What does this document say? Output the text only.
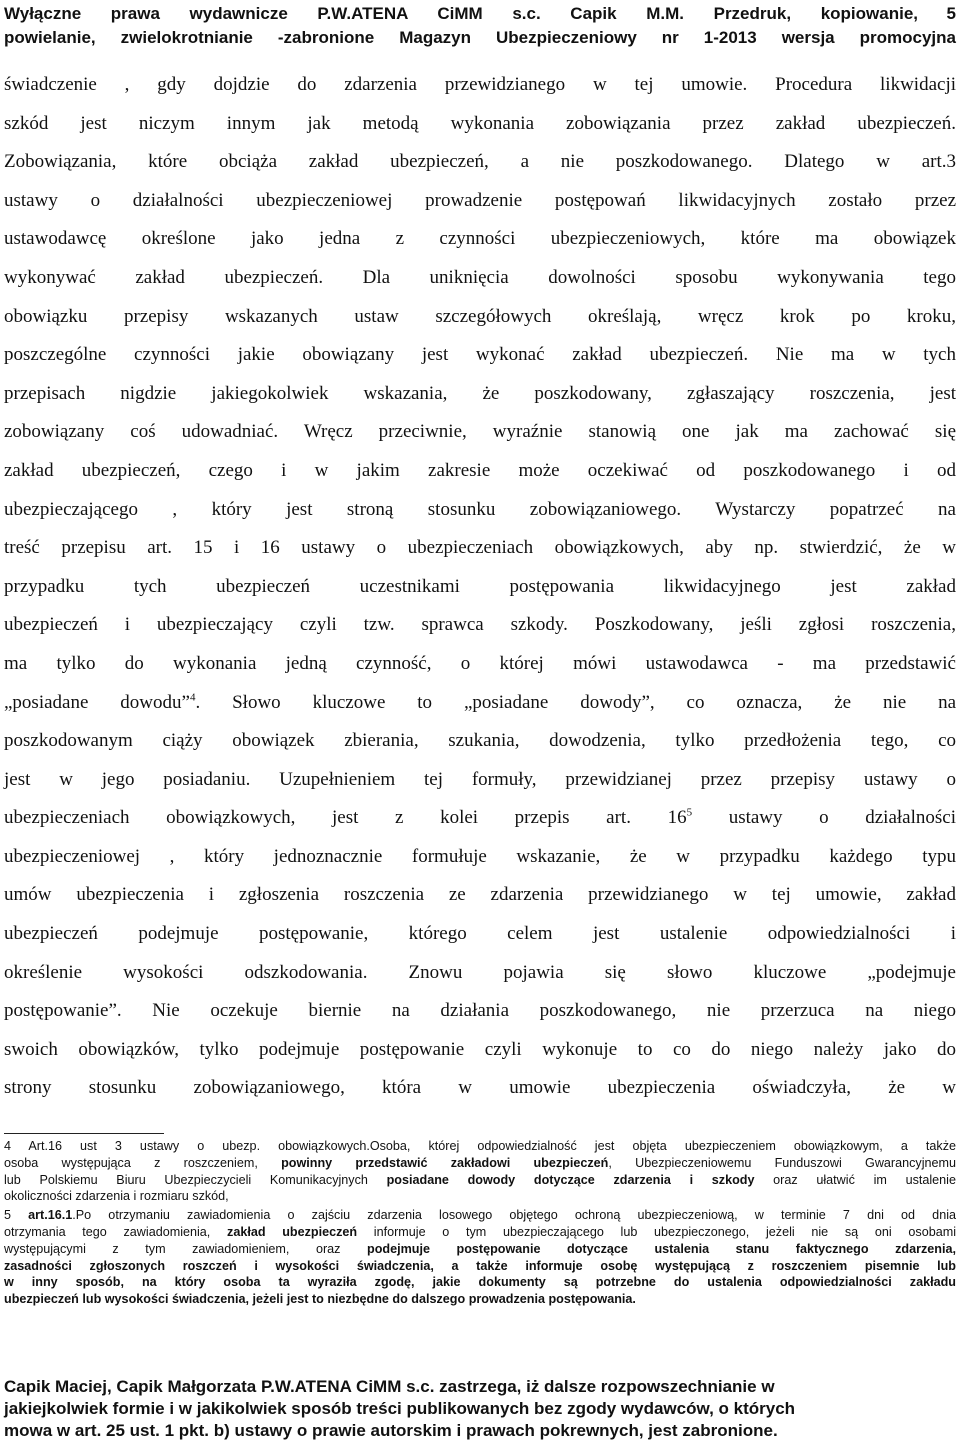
Wyłączne prawa wydawnicze P.W.ATENA CiMM s.c. Capik M.M. Przedruk, kopiowanie,
powielanie, zwielokrotnianie -zabronione Magazyn Ubezpieczeniowy nr 1-2013 wersja promocyjna
5
świadczenie , gdy dojdzie do zdarzenia przewidzianego w tej umowie. Procedura likwidacji
szkód jest niczym innym jak metodą wykonania zobowiązania przez zakład ubezpieczeń.
Zobowiązania, które obciąża zakład ubezpieczeń, a nie poszkodowanego. Dlatego w art.3
ustawy o działalności ubezpieczeniowej prowadzenie postępowań likwidacyjnych zostało przez
ustawodawcę określone jako jedna z czynności ubezpieczeniowych, które ma obowiązek
wykonywać zakład ubezpieczeń. Dla uniknięcia dowolności sposobu wykonywania tego
obowiązku przepisy wskazanych ustaw szczegółowych określają, wręcz krok po kroku,
poszczególne czynności jakie obowiązany jest wykonać zakład ubezpieczeń. Nie ma w tych
przepisach nigdzie jakiegokolwiek wskazania, że poszkodowany, zgłaszający roszczenia, jest
zobowiązany coś udowadniać. Wręcz przeciwnie, wyraźnie stanowią one jak ma zachować się
zakład ubezpieczeń, czego i w jakim zakresie może oczekiwać od poszkodowanego i od
ubezpieczającego , który jest stroną stosunku zobowiązaniowego. Wystarczy popatrzeć na
treść przepisu art. 15 i 16 ustawy o ubezpieczeniach obowiązkowych, aby np. stwierdzić, że w
przypadku tych ubezpieczeń uczestnikami postępowania likwidacyjnego jest zakład
ubezpieczeń i ubezpieczający czyli tzw. sprawca szkody. Poszkodowany, jeśli zgłosi roszczenia,
ma tylko do wykonania jedną czynność, o której mówi ustawodawca - ma przedstawić
„posiadane dowodu”$^4$. Słowo kluczowe to „posiadane dowody”, co oznacza, że nie na
poszkodowanym ciąży obowiązek zbierania, szukania, dowodzenia, tylko przedłożenia tego, co
jest w jego posiadaniu. Uzupełnieniem tej formuły, przewidzianej przez przepisy ustawy o
ubezpieczeniach obowiązkowych, jest z kolei przepis art. $16^5$ ustawy o działalności
ubezpieczeniowej , który jednoznacznie formułuje wskazanie, że w przypadku każdego typu
umów ubezpieczenia i zgłoszenia roszczenia ze zdarzenia przewidzianego w tej umowie, zakład
ubezpieczeń podejmuje postępowanie, którego celem jest ustalenie odpowiedzialności i
określenie wysokości odszkodowania. Znowu pojawia się słowo kluczowe „podejmuje
postępowanie”. Nie oczekuje biernie na działania poszkodowanego, nie przerzuca na niego
swoich obowiązków, tylko podejmuje postępowanie czyli wykonuje to co do niego należy jako do
strony stosunku zobowiązaniowego, która w umowie ubezpieczenia oświadczyła, że w
4 Art.16 ust 3 ustawy o ubezp. obowiązkowych.Osoba, której odpowiedzialność jest objęta ubezpieczeniem obowiązkowym, a także
osoba występująca z roszczeniem, powinny przedstawić zakładowi ubezpieczeń, Ubezpieczeniowemu Funduszowi Gwarancyjnemu
lub Polskiemu Biuru Ubezpieczycieli Komunikacyjnych posiadane dowody dotyczące zdarzenia i szkody oraz ułatwić im ustalenie
okoliczności zdarzenia i rozmiaru szkód,
5 art.16.1.Po otrzymaniu zawiadomienia o zajściu zdarzenia losowego objętego ochroną ubezpieczeniową, w terminie 7 dni od dnia
otrzymania tego zawiadomienia, zakład ubezpieczeń informuje o tym ubezpieczającego lub ubezpieczonego, jeżeli nie są oni osobami
występującymi z tym zawiadomieniem, oraz podejmuje postępowanie dotyczące ustalenia stanu faktycznego zdarzenia,
zasadności zgłoszonych roszczeń i wysokości świadczenia, a także informuje osobę występującą z roszczeniem pisemnie lub
w inny sposób, na który osoba ta wyraziła zgodę, jakie dokumenty są potrzebne do ustalenia odpowiedzialności zakładu
ubezpieczeń lub wysokości świadczenia, jeżeli jest to niezbędne do dalszego prowadzenia postępowania.
Capik Maciej, Capik Małgorzata P.W.ATENA CiMM s.c. zastrzega, iż dalsze rozpowszechnianie w
jakiejkolwiek formie i w jakikolwiek sposób treści publikowanych bez zgody wydawców, o których
mowa w art. 25 ust. 1 pkt. b) ustawy o prawie autorskim i prawach pokrewnych, jest zabronione.
